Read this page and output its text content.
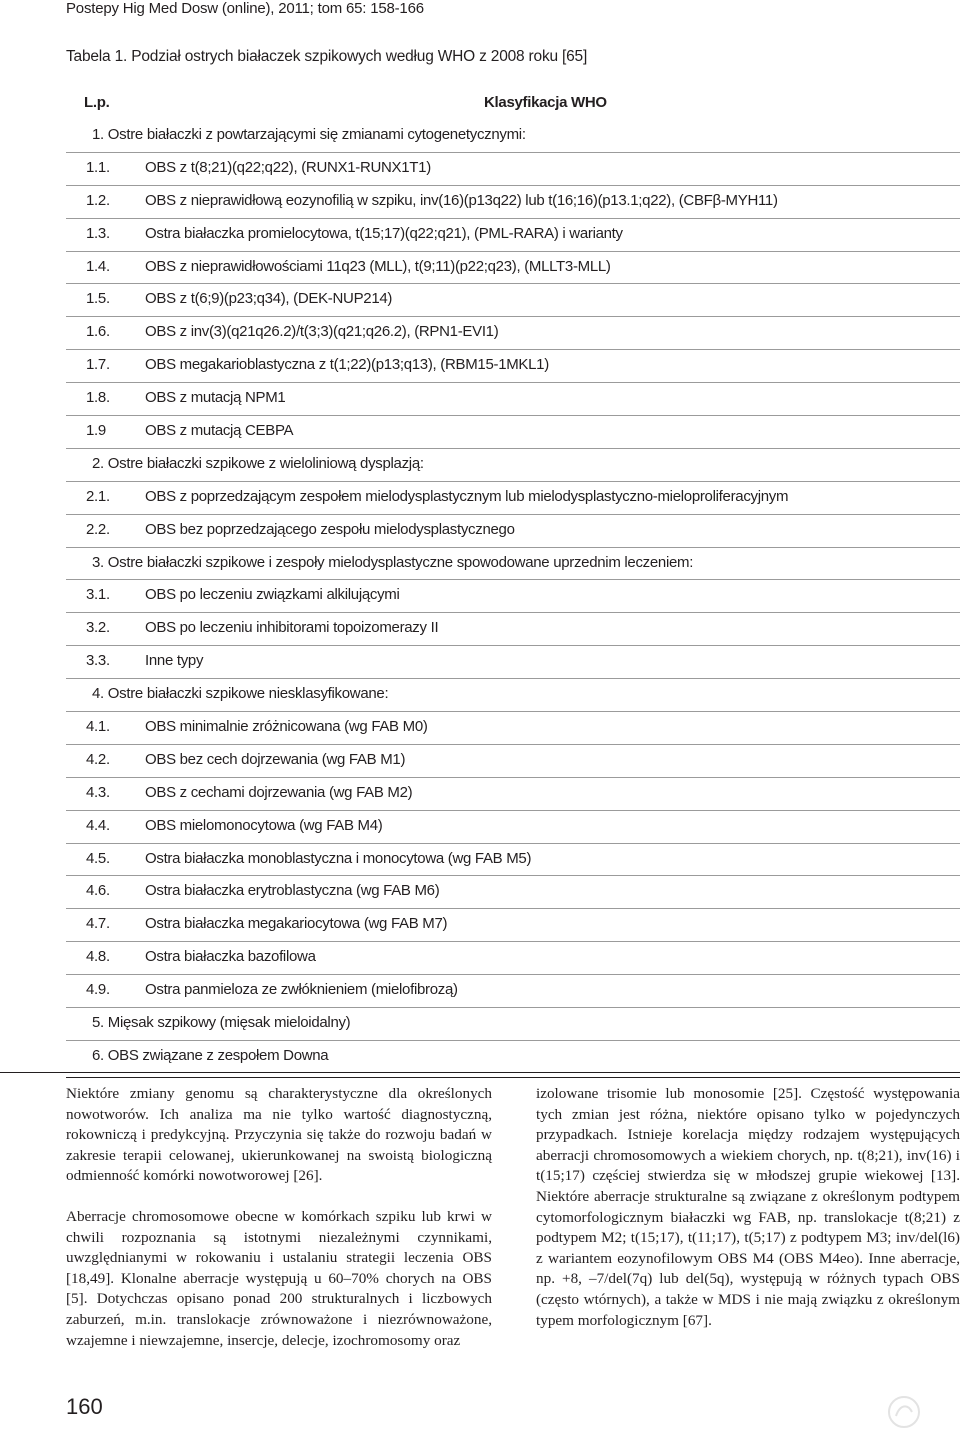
Postepy Hig Med Dosw (online), 2011; tom 65: 158-166
Tabela 1. Podział ostrych białaczek szpikowych według WHO z 2008 roku [65]
L.p.	Klasyfikacja WHO
1. Ostre białaczki z powtarzającymi się zmianami cytogenetycznymi:
1.1. OBS z t(8;21)(q22;q22), (RUNX1-RUNX1T1)
1.2. OBS z nieprawidłową eozynofilią w szpiku, inv(16)(p13q22) lub t(16;16)(p13.1;q22), (CBFβ-MYH11)
1.3. Ostra białaczka promielocytowa, t(15;17)(q22;q21), (PML-RARA) i warianty
1.4. OBS z nieprawidłowościami 11q23 (MLL), t(9;11)(p22;q23), (MLLT3-MLL)
1.5. OBS z t(6;9)(p23;q34), (DEK-NUP214)
1.6. OBS z inv(3)(q21q26.2)/t(3;3)(q21;q26.2), (RPN1-EVI1)
1.7. OBS megakarioblastyczna z t(1;22)(p13;q13), (RBM15-1MKL1)
1.8. OBS z mutacją NPM1
1.9	OBS z mutacją CEBPA
2. Ostre białaczki szpikowe z wieloliniową dysplazją:
2.1. OBS z poprzedzającym zespołem mielodysplastycznym lub mielodysplastyczno-mieloproliferacyjnym
2.2. OBS bez poprzedzającego zespołu mielodysplastycznego
3. Ostre białaczki szpikowe i zespoły mielodysplastyczne spowodowane uprzednim leczeniem:
3.1. OBS po leczeniu związkami alkilującymi
3.2. OBS po leczeniu inhibitorami topoizomerazy II
3.3. Inne typy
4. Ostre białaczki szpikowe niesklasyfikowane:
4.1. OBS minimalnie zróżnicowana (wg FAB M0)
4.2. OBS bez cech dojrzewania (wg FAB M1)
4.3. OBS z cechami dojrzewania (wg FAB M2)
4.4. OBS mielomonocytowa (wg FAB M4)
4.5. Ostra białaczka monoblastyczna i monocytowa (wg FAB M5)
4.6. Ostra białaczka erytroblastyczna (wg FAB M6)
4.7. Ostra białaczka megakariocytowa (wg FAB M7)
4.8. Ostra białaczka bazofilowa
4.9. Ostra panmieloza ze zwłóknieniem (mielofibrozą)
5. Mięsak szpikowy (mięsak mieloidalny)
6. OBS związane z zespołem Downa

Niektóre zmiany genomu są charakterystyczne dla określonych nowotworów. Ich analiza ma nie tylko wartość diagnostyczną, rokowniczą i predykcyjną. Przyczynia się także do rozwoju badań w zakresie terapii celowanej, ukierunkowanej na swoistą biologiczną odmienność komórki nowotworowej [26].

Aberracje chromosomowe obecne w komórkach szpiku lub krwi w chwili rozpoznania są istotnymi niezależnymi czynnikami, uwzględnianymi w rokowaniu i ustalaniu strategii leczenia OBS [18,49]. Klonalne aberracje występują u 60–70% chorych na OBS [5]. Dotychczas opisano ponad 200 strukturalnych i liczbowych zaburzeń, m.in. translokacje zrównoważone i niezrównoważone, wzajemne i niewzajemne, insercje, delecje, izochromosomy oraz

izolowane trisomie lub monosomie [25]. Częstość występowania tych zmian jest różna, niektóre opisano tylko w pojedynczych przypadkach. Istnieje korelacja między rodzajem występujących aberracji chromosomowych a wiekiem chorych, np. t(8;21), inv(16) i t(15;17) częściej stwierdza się w młodszej grupie wiekowej [13]. Niektóre aberracje strukturalne są związane z określonym podtypem cytomorfologicznym białaczki wg FAB, np. translokacje t(8;21) z podtypem M2; t(15;17), t(11;17), t(5;17) z podtypem M3; inv/del(l6) z wariantem eozynofilowym OBS M4 (OBS M4eo). Inne aberracje, np. +8, –7/del(7q) lub del(5q), występują w różnych typach OBS (często wtórnych), a także w MDS i nie mają związku z określonym typem morfologicznym [67].

160
